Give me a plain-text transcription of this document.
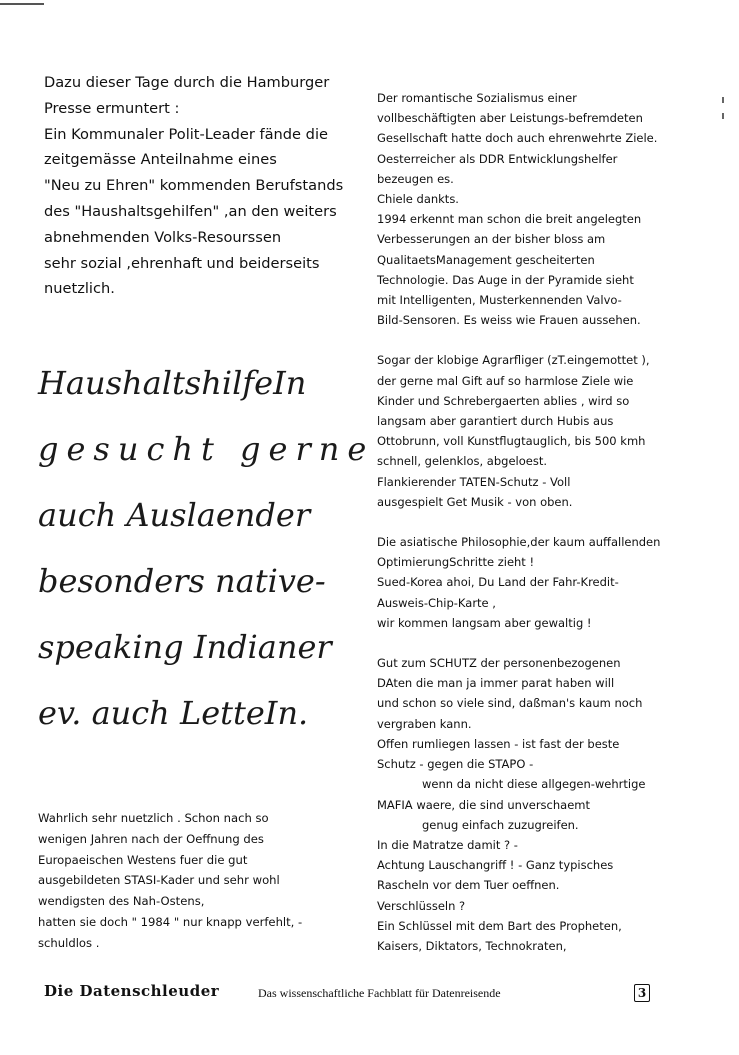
Dazu dieser Tage durch die Hamburger
Presse ermuntert :
Ein Kommunaler Polit-Leader fände die
zeitgemässe Anteilnahme eines
"Neu zu Ehren" kommenden Berufstands
des "Haushaltsgehilfen" ,an den weiters
abnehmenden Volks-Resourssen
sehr sozial ,ehrenhaft und beiderseits
nuetzlich.
HaushaltshilfeIn
gesucht gerne
auch Auslaender
besonders native-
speaking Indianer
ev. auch LetteIn.
Wahrlich sehr nuetzlich . Schon nach so
wenigen Jahren nach der Oeffnung des
Europaeischen Westens fuer die gut
ausgebildeten STASI-Kader und sehr wohl
wendigsten des Nah-Ostens,
hatten sie doch " 1984 " nur knapp verfehlt, -
schuldlos .
Der romantische Sozialismus einer
vollbeschäftigten aber Leistungs-befremdeten
Gesellschaft hatte doch auch ehrenwehrte Ziele.
Oesterreicher als DDR Entwicklungshelfer
bezeugen es.
Chiele dankts.
1994 erkennt man schon die breit angelegten
Verbesserungen an der bisher bloss am
QualitaetsManagement gescheiterten
Technologie. Das Auge in der Pyramide sieht
mit Intelligenten, Musterkennenden Valvo-
Bild-Sensoren. Es weiss wie Frauen aussehen.
Sogar der klobige Agrarfliger (zT.eingemottet ),
der gerne mal Gift auf so harmlose Ziele wie
Kinder und Schrebergaerten ablies , wird so
langsam aber garantiert durch Hubis aus
Ottobrunn, voll Kunstflugtauglich, bis 500 kmh
schnell, gelenklos, abgeloest.
Flankierender TATEN-Schutz - Voll
ausgespielt Get Musik - von oben.
Die asiatische Philosophie,der kaum auffallenden
OptimierungSchritte zieht !
Sued-Korea ahoi, Du Land der Fahr-Kredit-
Ausweis-Chip-Karte ,
wir kommen langsam aber gewaltig !
Gut zum SCHUTZ der personenbezogenen
DAten die man ja immer parat haben will
und schon so viele sind, daßman's kaum noch
vergraben kann.
Offen rumliegen lassen - ist fast der beste
Schutz - gegen die STAPO -
wenn da nicht diese allgegen-wehrtige
MAFIA waere, die sind unverschaemt
genug einfach zuzugreifen.
In die Matratze damit ? -
Achtung Lauschangriff ! - Ganz typisches
Rascheln vor dem Tuer oeffnen.
Verschlüsseln ?
Ein Schlüssel mit dem Bart des Propheten,
Kaisers, Diktators, Technokraten,
Die Datenschleuder	Das wissenschaftliche Fachblatt für Datenreisende	3
